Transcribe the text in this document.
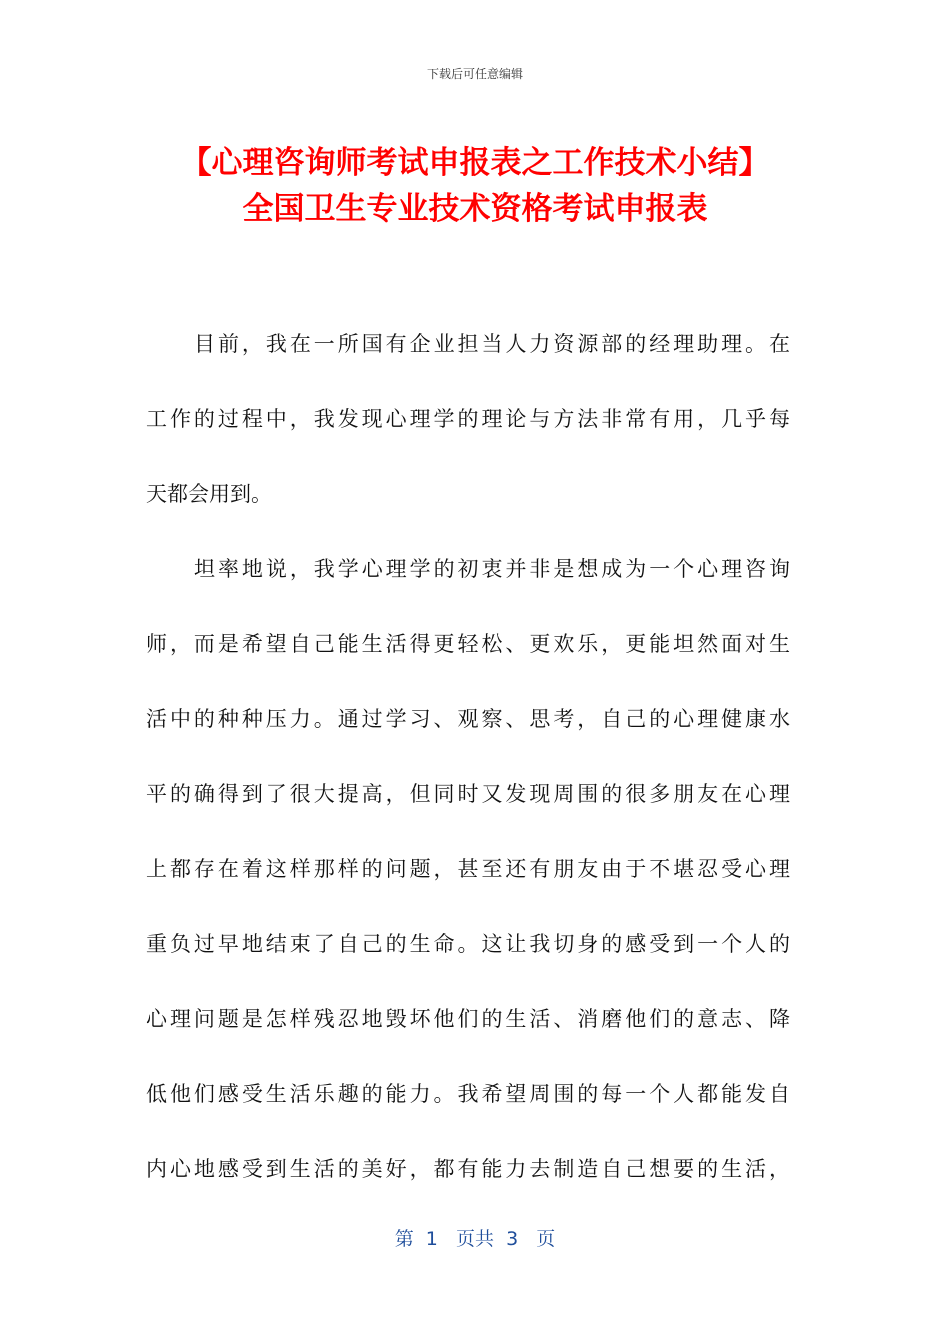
下载后可任意编辑
【心理咨询师考试申报表之工作技术小结】
全国卫生专业技术资格考试申报表

目前，我在一所国有企业担当人力资源部的经理助理。在
工作的过程中，我发现心理学的理论与方法非常有用，几乎每
天都会用到。

坦率地说，我学心理学的初衷并非是想成为一个心理咨询
师，而是希望自己能生活得更轻松、更欢乐，更能坦然面对生
活中的种种压力。通过学习、观察、思考，自己的心理健康水
平的确得到了很大提高，但同时又发现周围的很多朋友在心理
上都存在着这样那样的问题，甚至还有朋友由于不堪忍受心理
重负过早地结束了自己的生命。这让我切身的感受到一个人的
心理问题是怎样残忍地毁坏他们的生活、消磨他们的意志、降
低他们感受生活乐趣的能力。我希望周围的每一个人都能发自
内心地感受到生活的美好，都有能力去制造自己想要的生活，

第  1   页共  3   页
